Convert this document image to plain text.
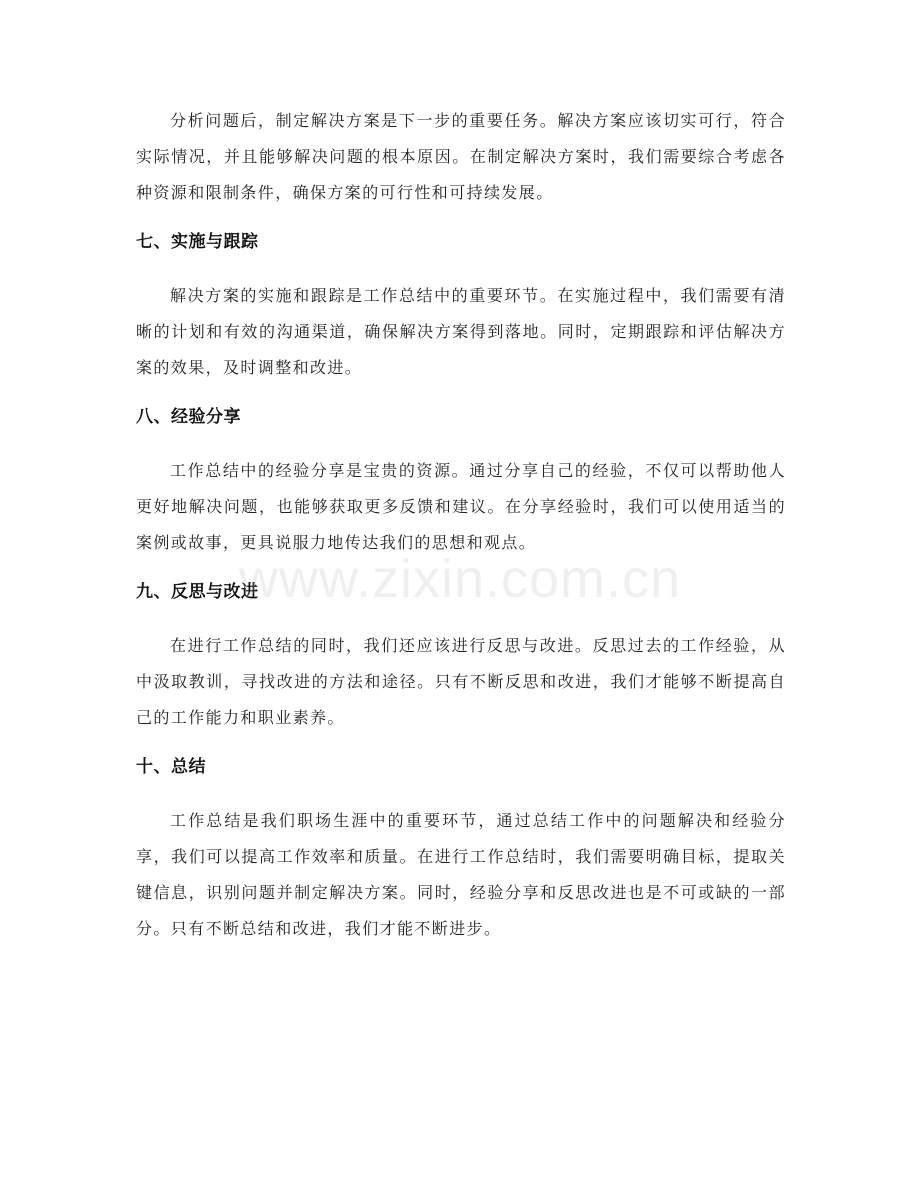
分析问题后，制定解决方案是下一步的重要任务。解决方案应该切实可行，符合实际情况，并且能够解决问题的根本原因。在制定解决方案时，我们需要综合考虑各种资源和限制条件，确保方案的可行性和可持续发展。

七、实施与跟踪

解决方案的实施和跟踪是工作总结中的重要环节。在实施过程中，我们需要有清晰的计划和有效的沟通渠道，确保解决方案得到落地。同时，定期跟踪和评估解决方案的效果，及时调整和改进。

八、经验分享

工作总结中的经验分享是宝贵的资源。通过分享自己的经验，不仅可以帮助他人更好地解决问题，也能够获取更多反馈和建议。在分享经验时，我们可以使用适当的案例或故事，更具说服力地传达我们的思想和观点。

九、反思与改进

在进行工作总结的同时，我们还应该进行反思与改进。反思过去的工作经验，从中汲取教训，寻找改进的方法和途径。只有不断反思和改进，我们才能够不断提高自己的工作能力和职业素养。

十、总结

工作总结是我们职场生涯中的重要环节，通过总结工作中的问题解决和经验分享，我们可以提高工作效率和质量。在进行工作总结时，我们需要明确目标，提取关键信息，识别问题并制定解决方案。同时，经验分享和反思改进也是不可或缺的一部分。只有不断总结和改进，我们才能不断进步。

www.zixin.com.cn
